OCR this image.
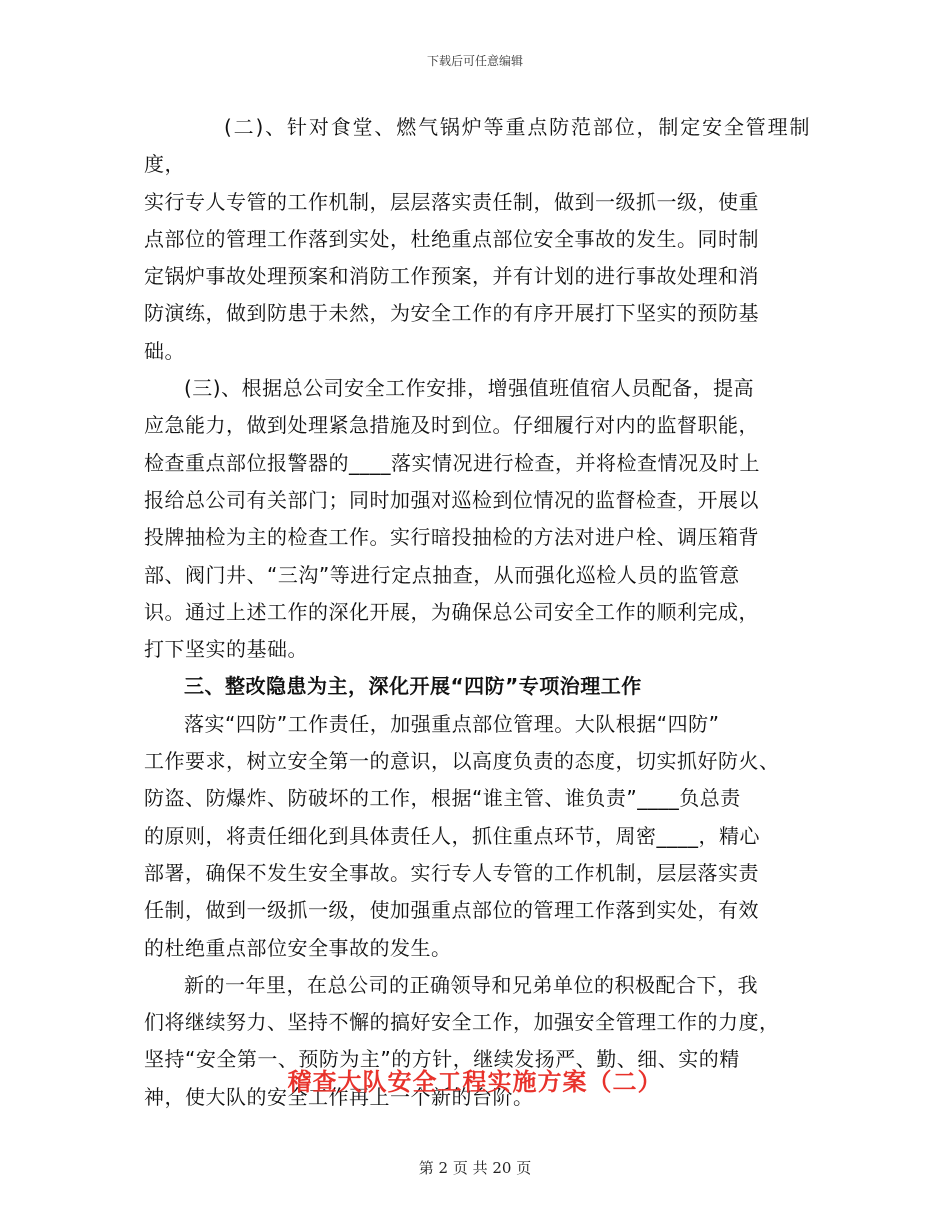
下载后可任意编辑

(二)、针对食堂、燃气锅炉等重点防范部位，制定安全管理制度，
实行专人专管的工作机制，层层落实责任制，做到一级抓一级，使重
点部位的管理工作落到实处，杜绝重点部位安全事故的发生。同时制
定锅炉事故处理预案和消防工作预案，并有计划的进行事故处理和消
防演练，做到防患于未然，为安全工作的有序开展打下坚实的预防基
础。

(三)、根据总公司安全工作安排，增强值班值宿人员配备，提高
应急能力，做到处理紧急措施及时到位。仔细履行对内的监督职能，
检查重点部位报警器的____落实情况进行检查，并将检查情况及时上
报给总公司有关部门；同时加强对巡检到位情况的监督检查，开展以
投牌抽检为主的检查工作。实行暗投抽检的方法对进户栓、调压箱背
部、阀门井、“三沟”等进行定点抽查，从而强化巡检人员的监管意
识。通过上述工作的深化开展，为确保总公司安全工作的顺利完成，
打下坚实的基础。

三、整改隐患为主，深化开展“四防”专项治理工作

落实“四防”工作责任，加强重点部位管理。大队根据“四防”
工作要求，树立安全第一的意识，以高度负责的态度，切实抓好防火、
防盗、防爆炸、防破坏的工作，根据“谁主管、谁负责”____负总责
的原则，将责任细化到具体责任人，抓住重点环节，周密____，精心
部署，确保不发生安全事故。实行专人专管的工作机制，层层落实责
任制，做到一级抓一级，使加强重点部位的管理工作落到实处，有效
的杜绝重点部位安全事故的发生。

新的一年里，在总公司的正确领导和兄弟单位的积极配合下，我
们将继续努力、坚持不懈的搞好安全工作，加强安全管理工作的力度，
坚持“安全第一、预防为主”的方针，继续发扬严、勤、细、实的精
神，使大队的安全工作再上一个新的台阶。

稽查大队安全工程实施方案（二）
第 2 页 共 20 页
